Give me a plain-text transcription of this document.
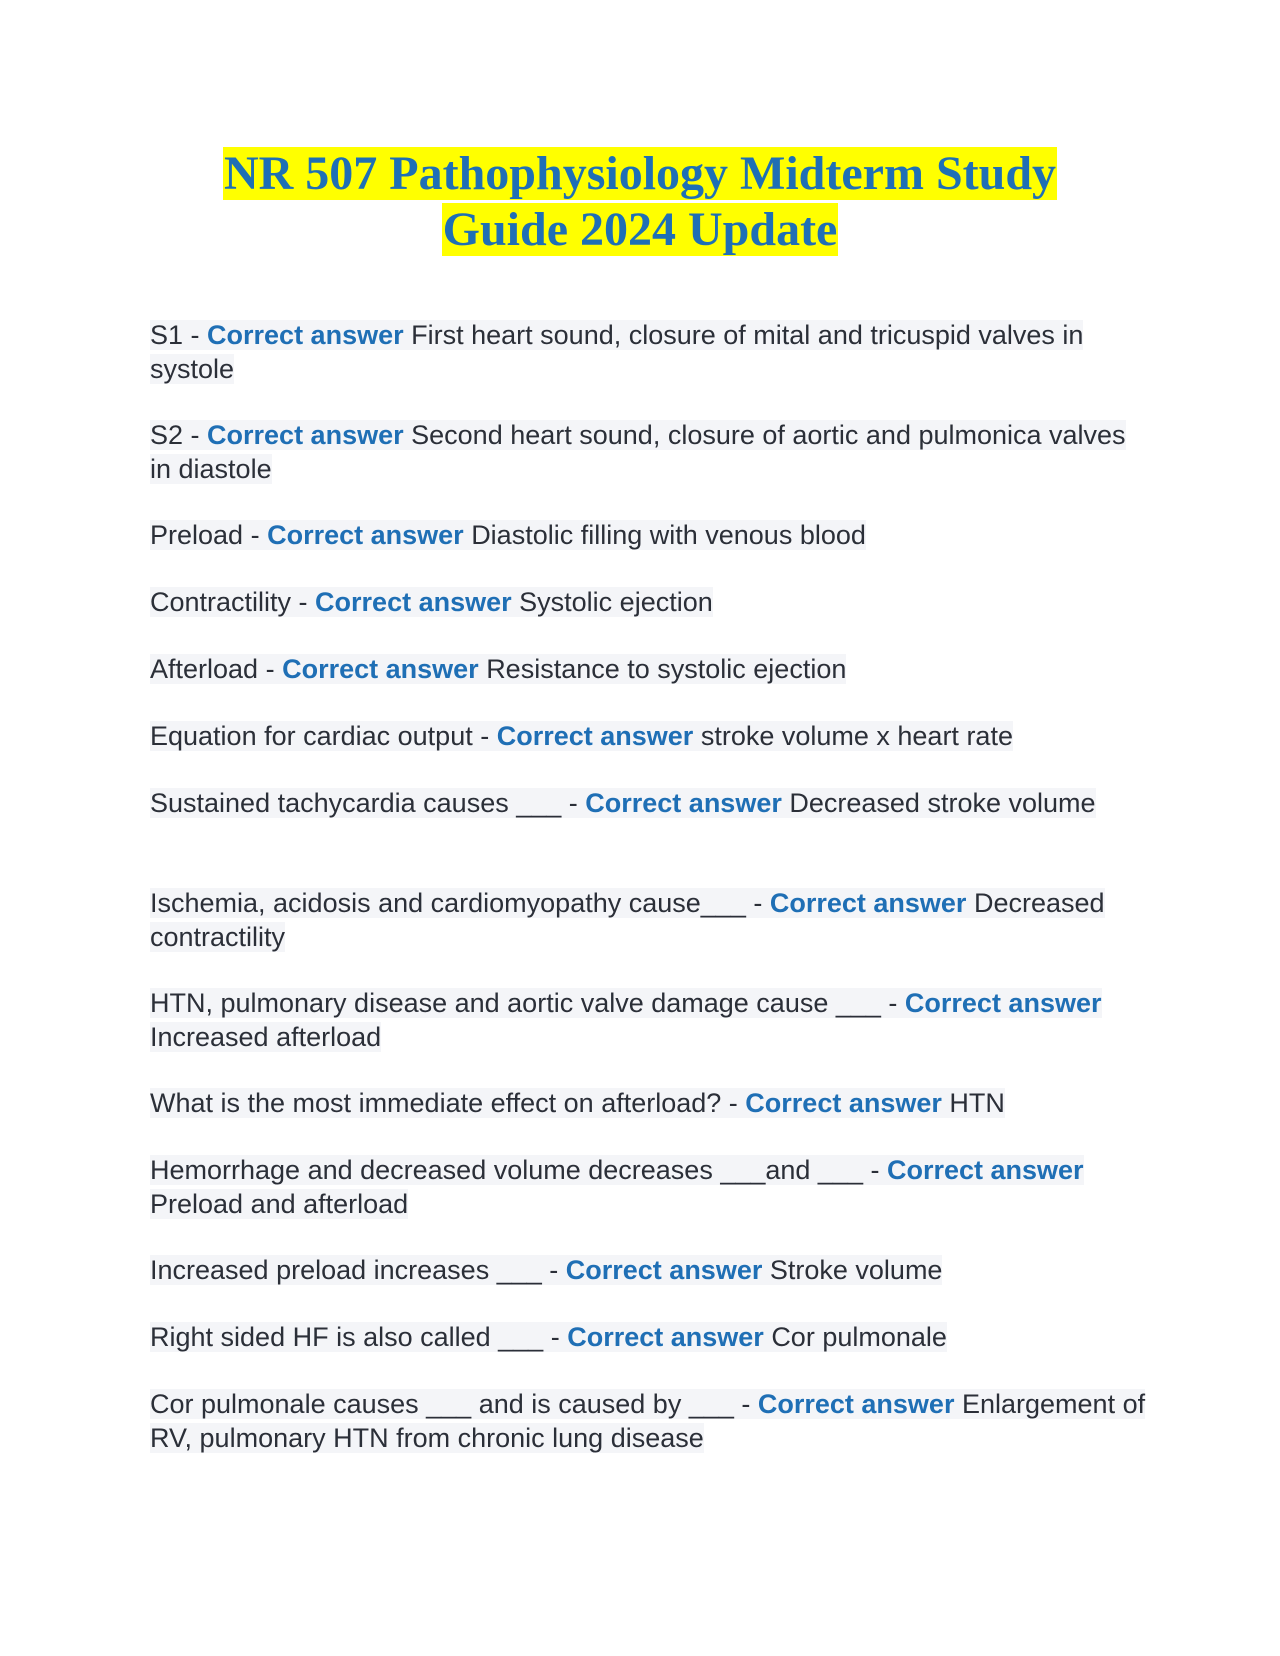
NR 507 Pathophysiology Midterm Study
Guide 2024 Update

S1 - Correct answer First heart sound, closure of mital and tricuspid valves in systole

S2 - Correct answer Second heart sound, closure of aortic and pulmonica valves in diastole

Preload - Correct answer Diastolic filling with venous blood

Contractility - Correct answer Systolic ejection

Afterload - Correct answer Resistance to systolic ejection

Equation for cardiac output - Correct answer stroke volume x heart rate

Sustained tachycardia causes ___ - Correct answer Decreased stroke volume

Ischemia, acidosis and cardiomyopathy cause___ - Correct answer Decreased contractility

HTN, pulmonary disease and aortic valve damage cause ___ - Correct answer Increased afterload

What is the most immediate effect on afterload? - Correct answer HTN

Hemorrhage and decreased volume decreases ___and ___ - Correct answer Preload and afterload

Increased preload increases ___ - Correct answer Stroke volume

Right sided HF is also called ___ - Correct answer Cor pulmonale

Cor pulmonale causes ___ and is caused by ___ - Correct answer Enlargement of RV, pulmonary HTN from chronic lung disease
